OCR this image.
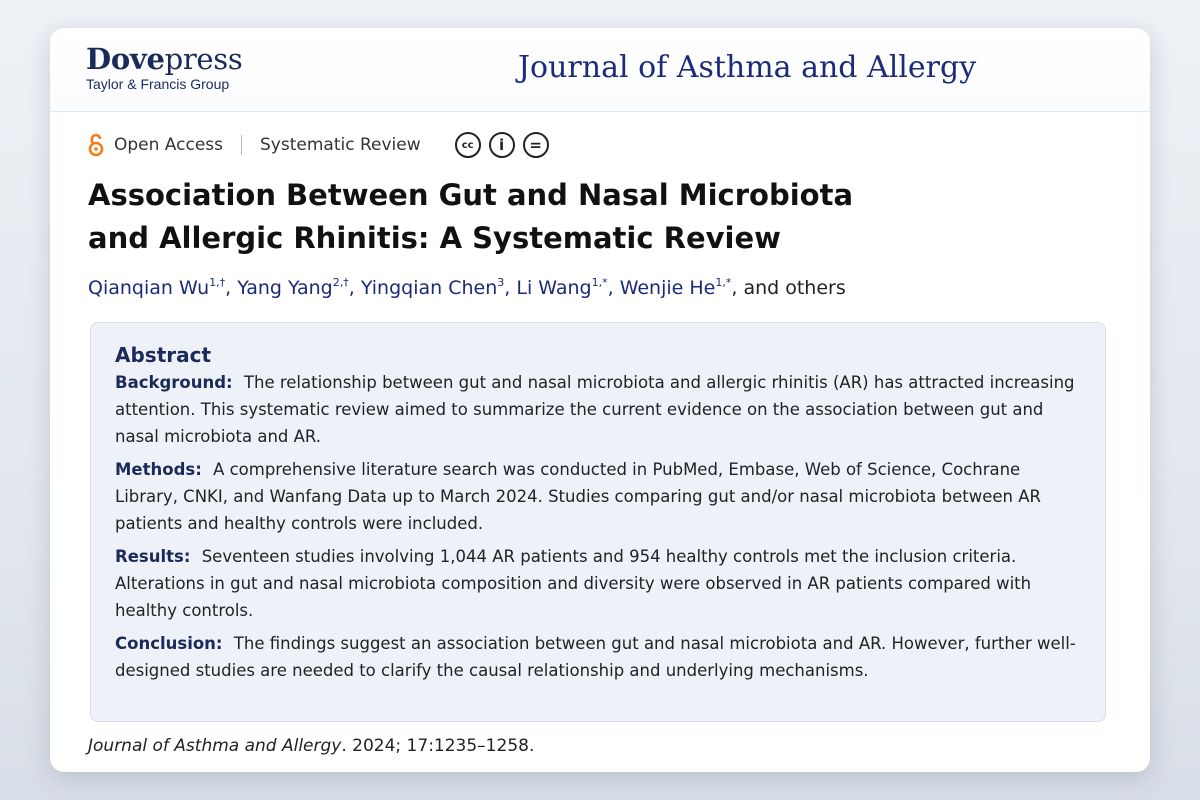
Dovepress
Taylor & Francis Group	Journal of Asthma and Allergy
Open Access Systematic Review	cc	i	=
Association Between Gut and Nasal Microbiota
and Allergic Rhinitis: A Systematic Review
Qianqian $Wu^{1,\dagger}$, Yang Yang$^{2,\dagger}$, Yingqian Chen$^3$, Li Wang$^{1,*}$, Wenjie $He^{1,*}$, and others
Abstract
Background: The relationship between gut and nasal microbiota and allergic rhinitis (AR) has attracted increasing attention. This systematic review aimed to summarize the current evidence on the association between gut and nasal microbiota and AR.
Methods: A comprehensive literature search was conducted in PubMed, Embase, Web of Science, Cochrane Library, CNKI, and Wanfang Data up to March 2024. Studies comparing gut and/or nasal microbiota between AR patients and healthy controls were included.
Results: Seventeen studies involving 1,044 AR patients and 954 healthy controls met the inclusion criteria. Alterations in gut and nasal microbiota composition and diversity were observed in AR patients compared with healthy controls.
Conclusion: The findings suggest an association between gut and nasal microbiota and AR. However, further well-designed studies are needed to clarify the causal relationship and underlying mechanisms.
Journal of Asthma and Allergy. 2024; 17:1235–1258.
